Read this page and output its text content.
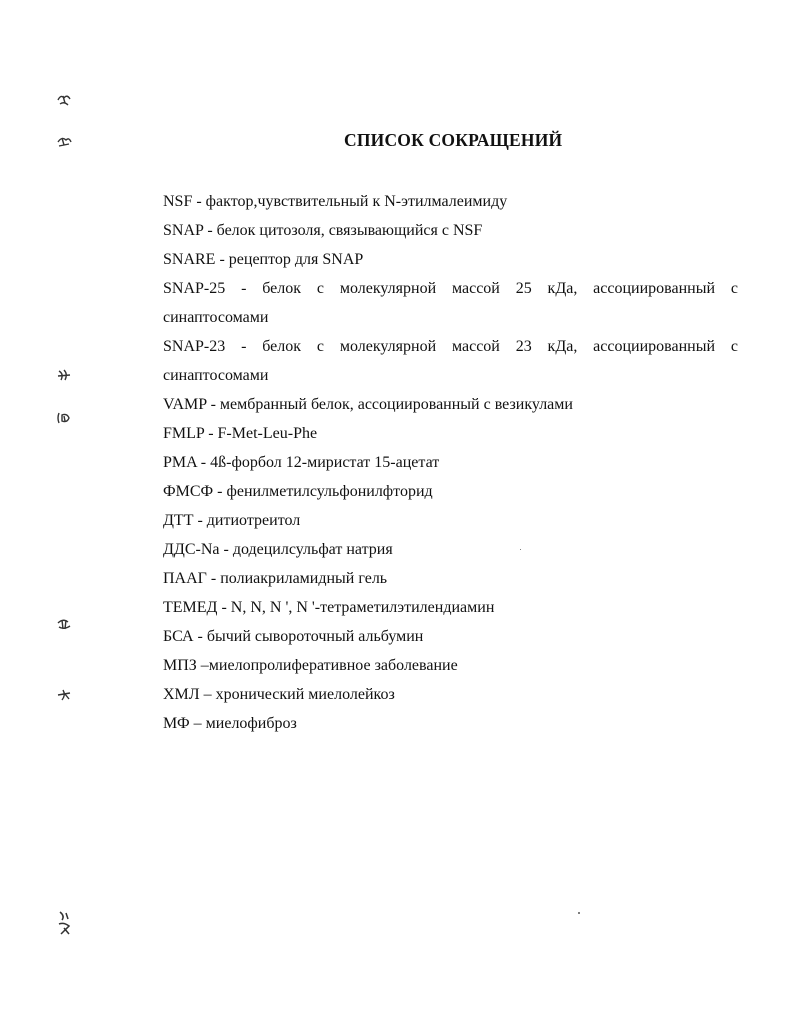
СПИСОК СОКРАЩЕНИЙ
NSF - фактор,чувствительный к N-этилмалеимиду
SNAP - белок цитозоля, связывающийся с NSF
SNARE - рецептор для SNAP
SNAP-25 - белок с молекулярной массой 25 кДа, ассоциированный с синаптосомами
SNAP-23 - белок с молекулярной массой 23 кДа, ассоциированный с синаптосомами
VAMP - мембранный белок, ассоциированный с везикулами
FMLP - F-Met-Leu-Phe
PMA - 4ß-форбол 12-миристат 15-ацетат
ФМСФ - фенилметилсульфонилфторид
ДТТ - дитиотреитол
ДДС-Na - додецилсульфат натрия
ПААГ - полиакриламидный гель
ТЕМЕД - N, N, N ', N '-тетраметилэтилендиамин
БСА - бычий сывороточный альбумин
МПЗ –миелопролиферативное заболевание
ХМЛ – хронический миелолейкоз
МФ – миелофиброз
